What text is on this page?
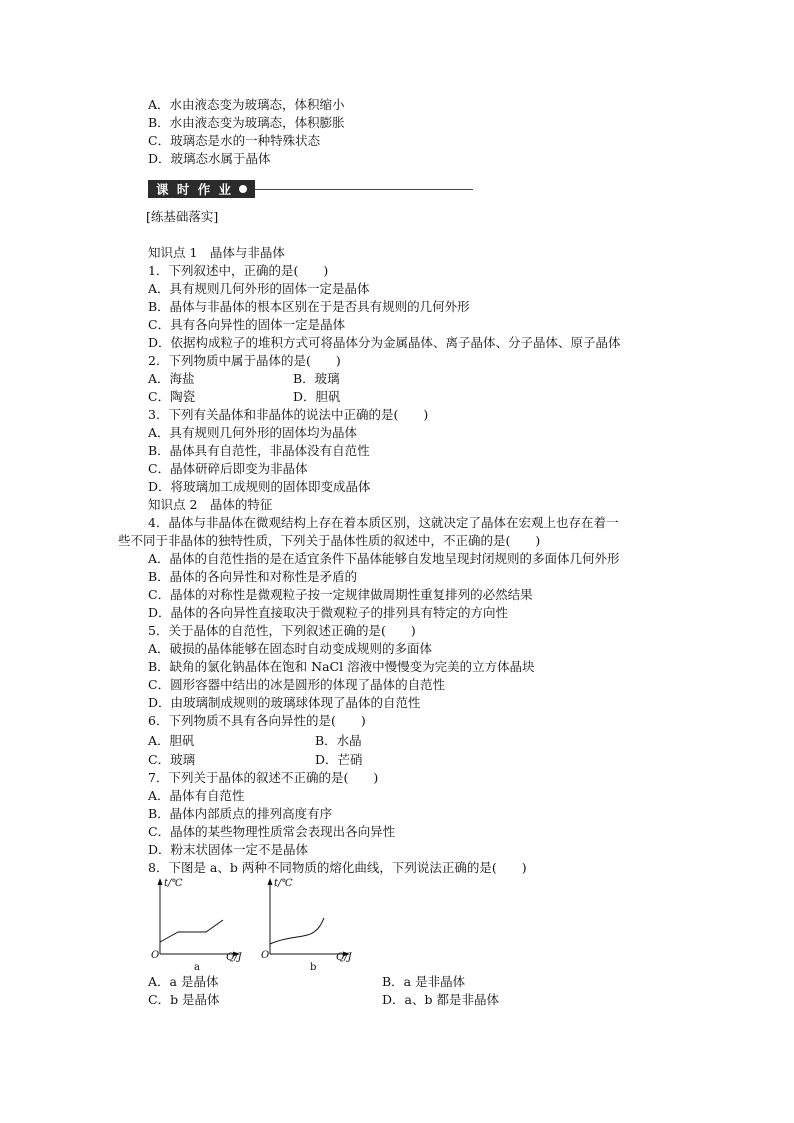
A．水由液态变为玻璃态，体积缩小
B．水由液态变为玻璃态，体积膨胀
C．玻璃态是水的一种特殊状态
D．玻璃态水属于晶体
课 时 作 业
[练基础落实]
知识点 1　晶体与非晶体
1．下列叙述中，正确的是(　　)
A．具有规则几何外形的固体一定是晶体
B．晶体与非晶体的根本区别在于是否具有规则的几何外形
C．具有各向异性的固体一定是晶体
D．依据构成粒子的堆积方式可将晶体分为金属晶体、离子晶体、分子晶体、原子晶体
2．下列物质中属于晶体的是(　　)
A．海盐	B．玻璃
C．陶瓷	D．胆矾
3．下列有关晶体和非晶体的说法中正确的是(　　)
A．具有规则几何外形的固体均为晶体
B．晶体具有自范性，非晶体没有自范性
C．晶体研碎后即变为非晶体
D．将玻璃加工成规则的固体即变成晶体
知识点 2　晶体的特征
4．晶体与非晶体在微观结构上存在着本质区别，这就决定了晶体在宏观上也存在着一
些不同于非晶体的独特性质，下列关于晶体性质的叙述中，不正确的是(　　)
A．晶体的自范性指的是在适宜条件下晶体能够自发地呈现封闭规则的多面体几何外形
B．晶体的各向异性和对称性是矛盾的
C．晶体的对称性是微观粒子按一定规律做周期性重复排列的必然结果
D．晶体的各向异性直接取决于微观粒子的排列具有特定的方向性
5．关于晶体的自范性，下列叙述正确的是(　　)
A．破损的晶体能够在固态时自动变成规则的多面体
B．缺角的氯化钠晶体在饱和 NaCl 溶液中慢慢变为完美的立方体晶块
C．圆形容器中结出的冰是圆形的体现了晶体的自范性
D．由玻璃制成规则的玻璃球体现了晶体的自范性
6．下列物质不具有各向异性的是(　　)
A．胆矾	B．水晶
C．玻璃	D．芒硝
7．下列关于晶体的叙述不正确的是(　　)
A．晶体有自范性
B．晶体内部质点的排列高度有序
C．晶体的某些物理性质常会表现出各向异性
D．粉末状固体一定不是晶体
8．下图是 a、b 两种不同物质的熔化曲线，下列说法正确的是(　　)
t/℃
O	Q/J
a
t/℃
O	Q/J
b
A．a 是晶体	B．a 是非晶体
C．b 是晶体	D．a、b 都是非晶体
